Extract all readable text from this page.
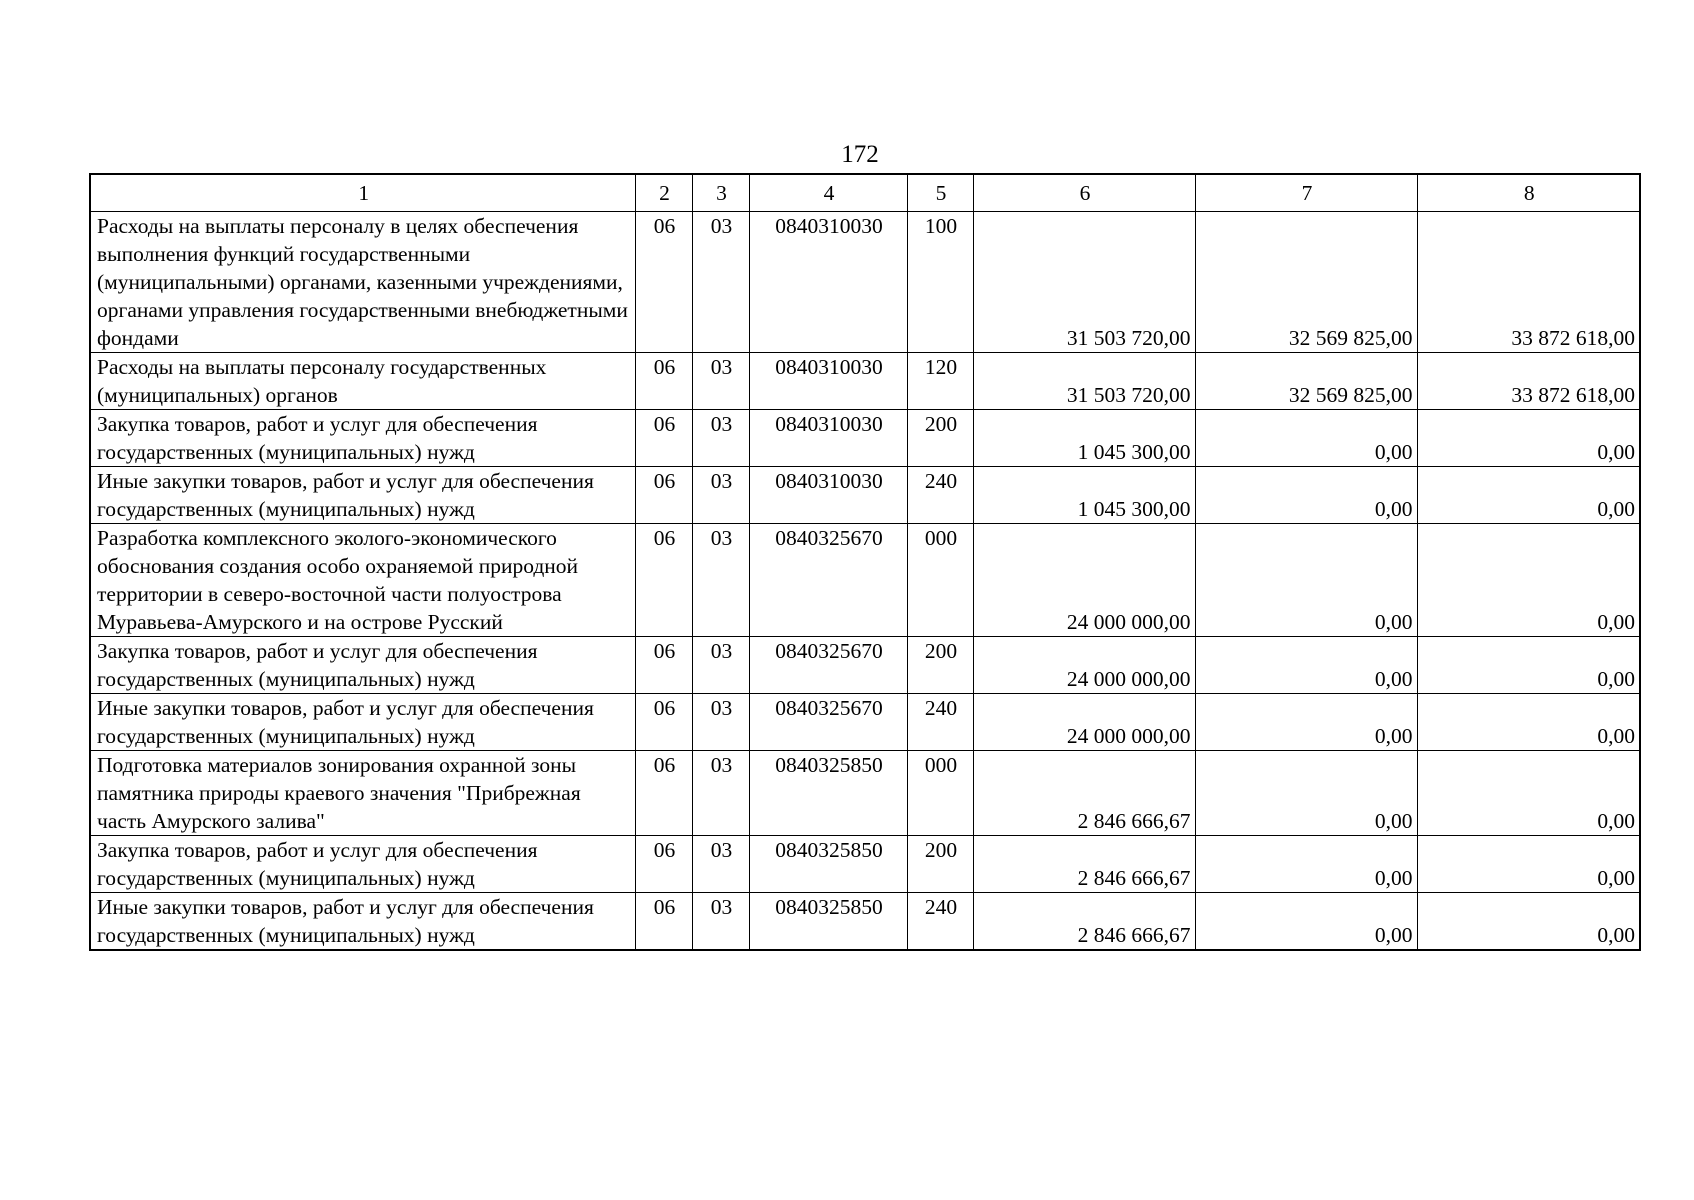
172
1	2	3	4	5	6	7	8
Расходы на выплаты персоналу в целях обеспечения выполнения функций государственными (муниципальными) органами, казенными учреждениями, органами управления государственными внебюджетными фондами	06	03	0840310030	100	31 503 720,00	32 569 825,00	33 872 618,00
Расходы на выплаты персоналу государственных (муниципальных) органов	06	03	0840310030	120	31 503 720,00	32 569 825,00	33 872 618,00
Закупка товаров, работ и услуг для обеспечения государственных (муниципальных) нужд	06	03	0840310030	200	1 045 300,00	0,00	0,00
Иные закупки товаров, работ и услуг для обеспечения государственных (муниципальных) нужд	06	03	0840310030	240	1 045 300,00	0,00	0,00
Разработка комплексного эколого-экономического обоснования создания особо охраняемой природной территории в северо-восточной части полуострова Муравьева-Амурского и на острове Русский	06	03	0840325670	000	24 000 000,00	0,00	0,00
Закупка товаров, работ и услуг для обеспечения государственных (муниципальных) нужд	06	03	0840325670	200	24 000 000,00	0,00	0,00
Иные закупки товаров, работ и услуг для обеспечения государственных (муниципальных) нужд	06	03	0840325670	240	24 000 000,00	0,00	0,00
Подготовка материалов зонирования охранной зоны памятника природы краевого значения "Прибрежная часть Амурского залива"	06	03	0840325850	000	2 846 666,67	0,00	0,00
Закупка товаров, работ и услуг для обеспечения государственных (муниципальных) нужд	06	03	0840325850	200	2 846 666,67	0,00	0,00
Иные закупки товаров, работ и услуг для обеспечения государственных (муниципальных) нужд	06	03	0840325850	240	2 846 666,67	0,00	0,00
